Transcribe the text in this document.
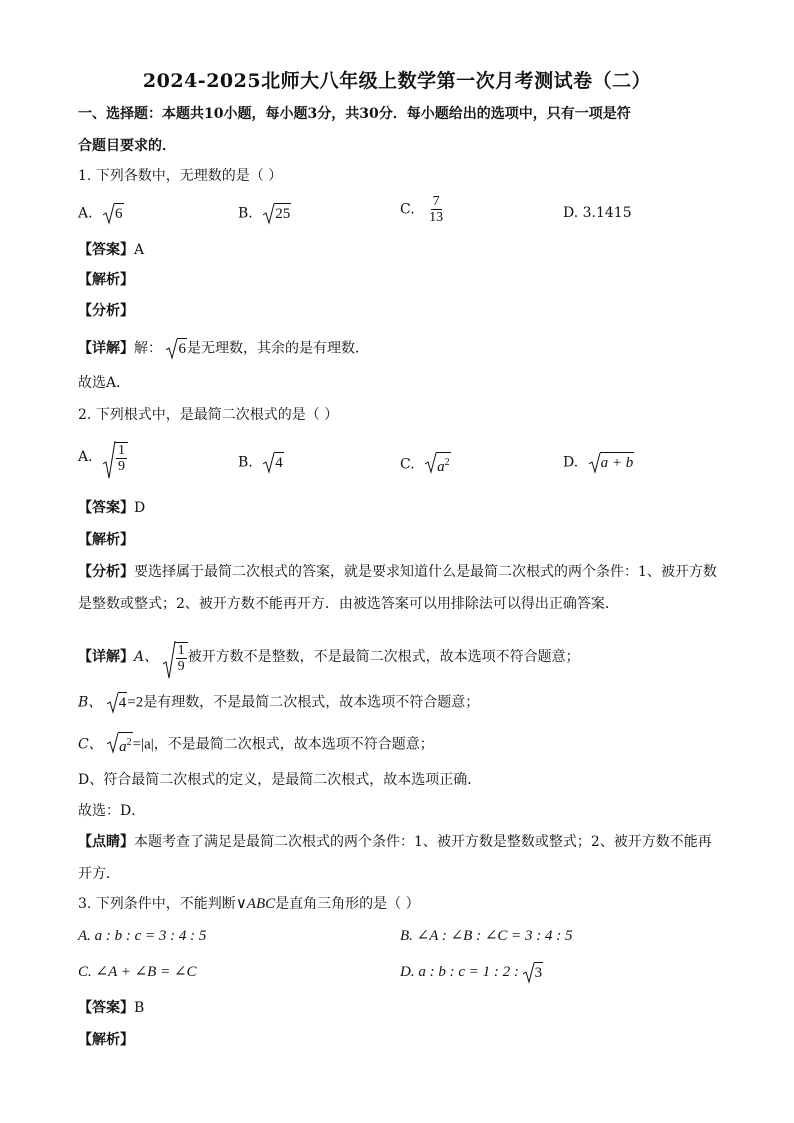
2024-2025北师大八年级上数学第一次月考测试卷（二）
一、选择题：本题共10小题，每小题3分，共30分．每小题给出的选项中，只有一项是符
合题目要求的．
1. 下列各数中，无理数的是（ ）
A. 6	B. 25	C. $\frac{7}{13}$	D. 3.1415
【答案】A
【解析】
【分析】
【详解】解： 6是无理数，其余的是有理数．
故选A．
2. 下列根式中，是最简二次根式的是（ ）
A. $\frac{1}{9}$	B. 4	C. $a^2$	D. a + b
【答案】D
【解析】
【分析】要选择属于最简二次根式的答案，就是要求知道什么是最简二次根式的两个条件：1、被开方数
是整数或整式；2、被开方数不能再开方．由被选答案可以用排除法可以得出正确答案．
【详解】A、 $\frac{1}{9}$ 被开方数不是整数，不是最简二次根式，故本选项不符合题意；
B、 4=2是有理数，不是最简二次根式，故本选项不符合题意；
C、 $a^2=|a|$，不是最简二次根式，故本选项不符合题意；
D、符合最简二次根式的定义，是最简二次根式，故本选项正确．
故选：D．
【点睛】本题考查了满足是最简二次根式的两个条件：1、被开方数是整数或整式；2、被开方数不能再
开方．
3. 下列条件中，不能判断∨ABC是直角三角形的是（ ）
A. a : b : c = 3 : 4 : 5	B. ∠A : ∠B : ∠C = 3 : 4 : 5
C. ∠A + ∠B = ∠C	D. a : b : c = 1 : 2 :
3
【答案】B
【解析】
